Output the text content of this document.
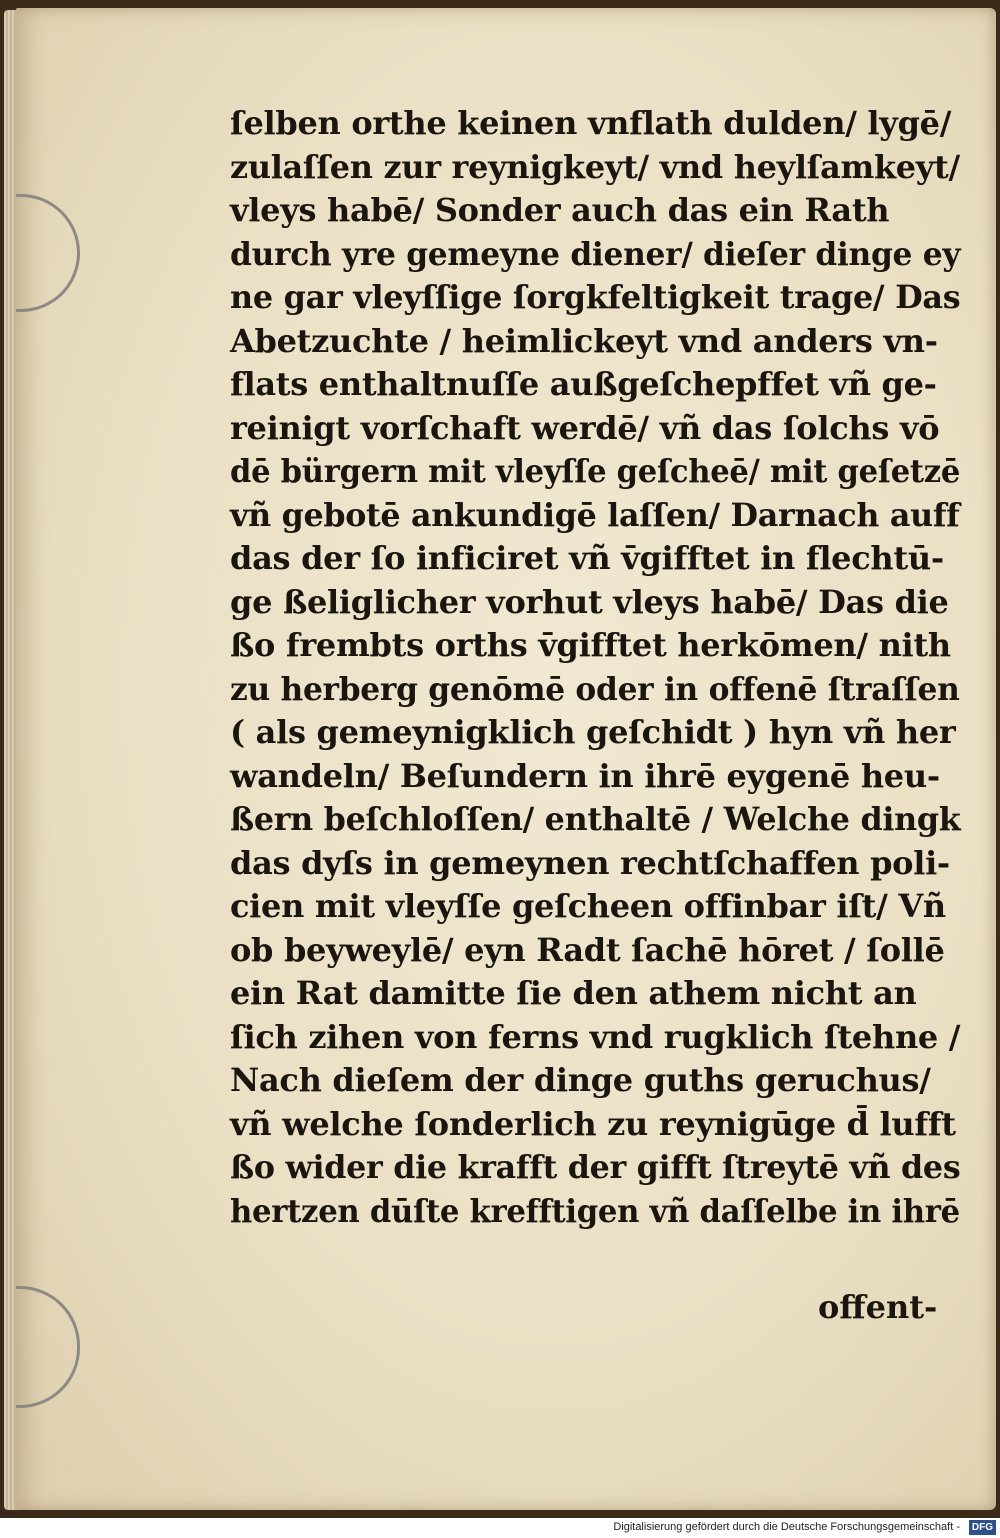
ſelben orthe keinen vnflath dulden/ lygē/
zulaſſen zur reynigkeyt/ vnd heylſamkeyt/
vleys habē/ Sonder auch das ein Rath
durch yre gemeyne diener/ dieſer dinge ey
ne gar vleyſſige ſorgkfeltigkeit trage/ Das
Abetzuchte / heimlickeyt vnd anders vn-
flats enthaltnuſſe außgeſchepffet vñ ge-
reinigt vorſchaft werdē/ vñ das ſolchs vō
dē bürgern mit vleyſſe geſcheē/ mit geſetzē
vñ gebotē ankundigē laſſen/ Darnach auff
das der ſo inficiret vñ v̄gifftet in flechtū-
ge ßeliglicher vorhut vleys habē/ Das die
ßo frembts orths v̄gifftet herkōmen/ nith
zu herberg genōmē oder in offenē ſtraſſen
( als gemeynigklich geſchidt ) hyn vñ her
wandeln/ Beſundern in ihrē eygenē heu-
ßern beſchloſſen/ enthaltē / Welche dingk
das dyſs in gemeynen rechtſchaffen poli-
cien mit vleyſſe geſcheen offinbar iſt/ Vñ
ob beyweylē/ eyn Radt ſachē hōret / ſollē
ein Rat damitte ſie den athem nicht an
ſich zihen von ferns vnd rugklich ſtehne /
Nach dieſem der dinge guths geruchus/
vñ welche ſonderlich zu reynigūge d̄ lufft
ßo wider die krafft der gifft ſtreytē vñ des
hertzen dūſte krefftigen vñ daſſelbe in ihrē
offent-
Digitalisierung gefördert durch die Deutsche Forschungsgemeinschaft -	DFG
